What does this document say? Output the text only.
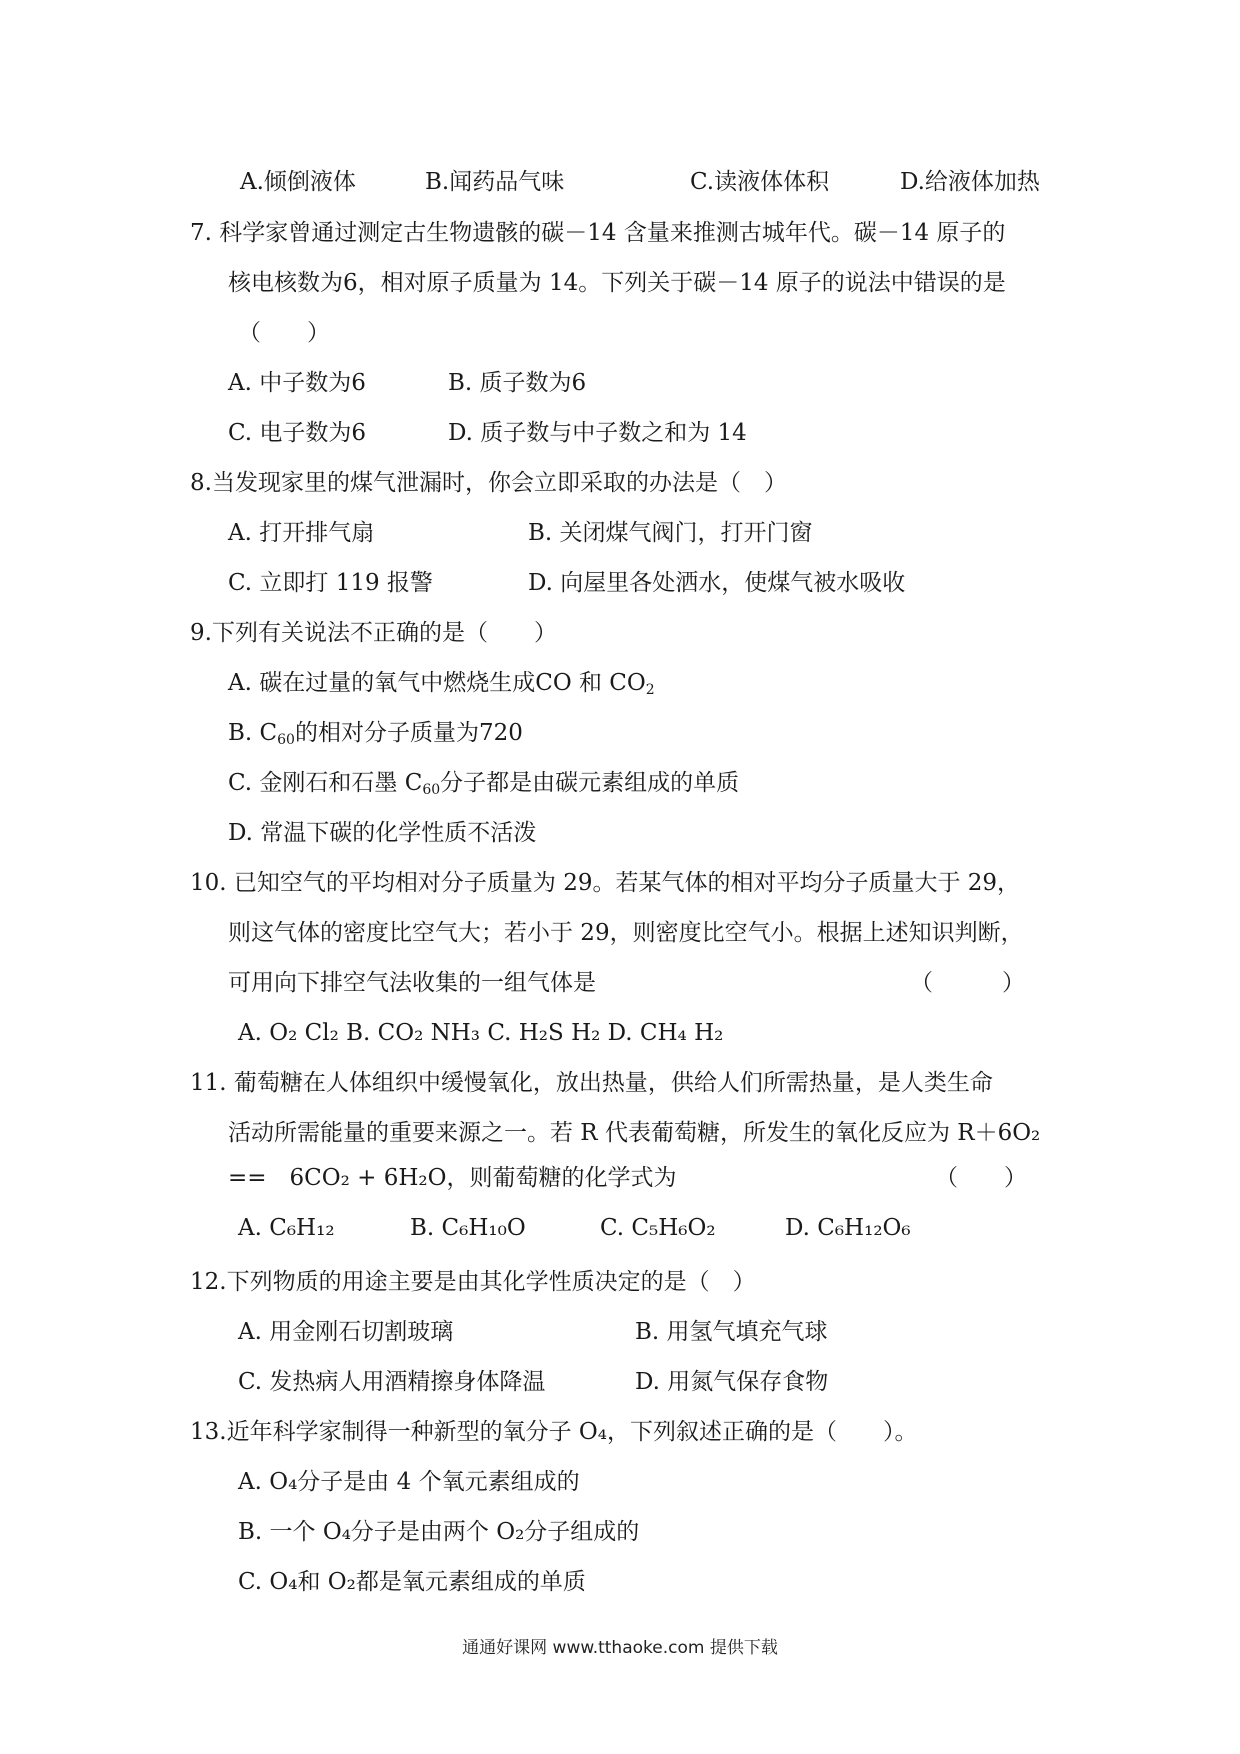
A.倾倒液体	B.闻药品气味	C.读液体体积	D.给液体加热
7. 科学家曾通过测定古生物遗骸的碳－14 含量来推测古城年代。碳－14 原子的
核电核数为6，相对原子质量为 14。下列关于碳－14 原子的说法中错误的是
（　　）
A. 中子数为6	B. 质子数为6
C. 电子数为6	D. 质子数与中子数之和为 14
8.当发现家里的煤气泄漏时，你会立即采取的办法是（　）
A. 打开排气扇	B. 关闭煤气阀门，打开门窗
C. 立即打 119 报警	D. 向屋里各处洒水，使煤气被水吸收
9.下列有关说法不正确的是（　　）
A. 碳在过量的氧气中燃烧生成CO 和 $CO_2$
B. $C_{60}$的相对分子质量为720
C. 金刚石和石墨 $C_{60}$分子都是由碳元素组成的单质
D. 常温下碳的化学性质不活泼
10. 已知空气的平均相对分子质量为 29。若某气体的相对平均分子质量大于 29，
则这气体的密度比空气大；若小于 29，则密度比空气小。根据上述知识判断，
可用向下排空气法收集的一组气体是	（　　　）
A. O₂ Cl₂ B. CO₂ NH₃ C. H₂S H₂ D. CH₄ H₂
11. 葡萄糖在人体组织中缓慢氧化，放出热量，供给人们所需热量，是人类生命
活动所需能量的重要来源之一。若 R 代表葡萄糖，所发生的氧化反应为 R＋6O₂
==　6CO₂ + 6H₂O，则葡萄糖的化学式为	（　　）
A. C₆H₁₂	B. C₆H₁₀O	C. C₅H₆O₂	D. C₆H₁₂O₆
12.下列物质的用途主要是由其化学性质决定的是（　）
A. 用金刚石切割玻璃	B. 用氢气填充气球
C. 发热病人用酒精擦身体降温	D. 用氮气保存食物
13.近年科学家制得一种新型的氧分子 O₄，下列叙述正确的是（　　）。
A. O₄分子是由 4 个氧元素组成的
B. 一个 O₄分子是由两个 O₂分子组成的
C. O₄和 O₂都是氧元素组成的单质
通通好课网 www.tthaoke.com 提供下载
